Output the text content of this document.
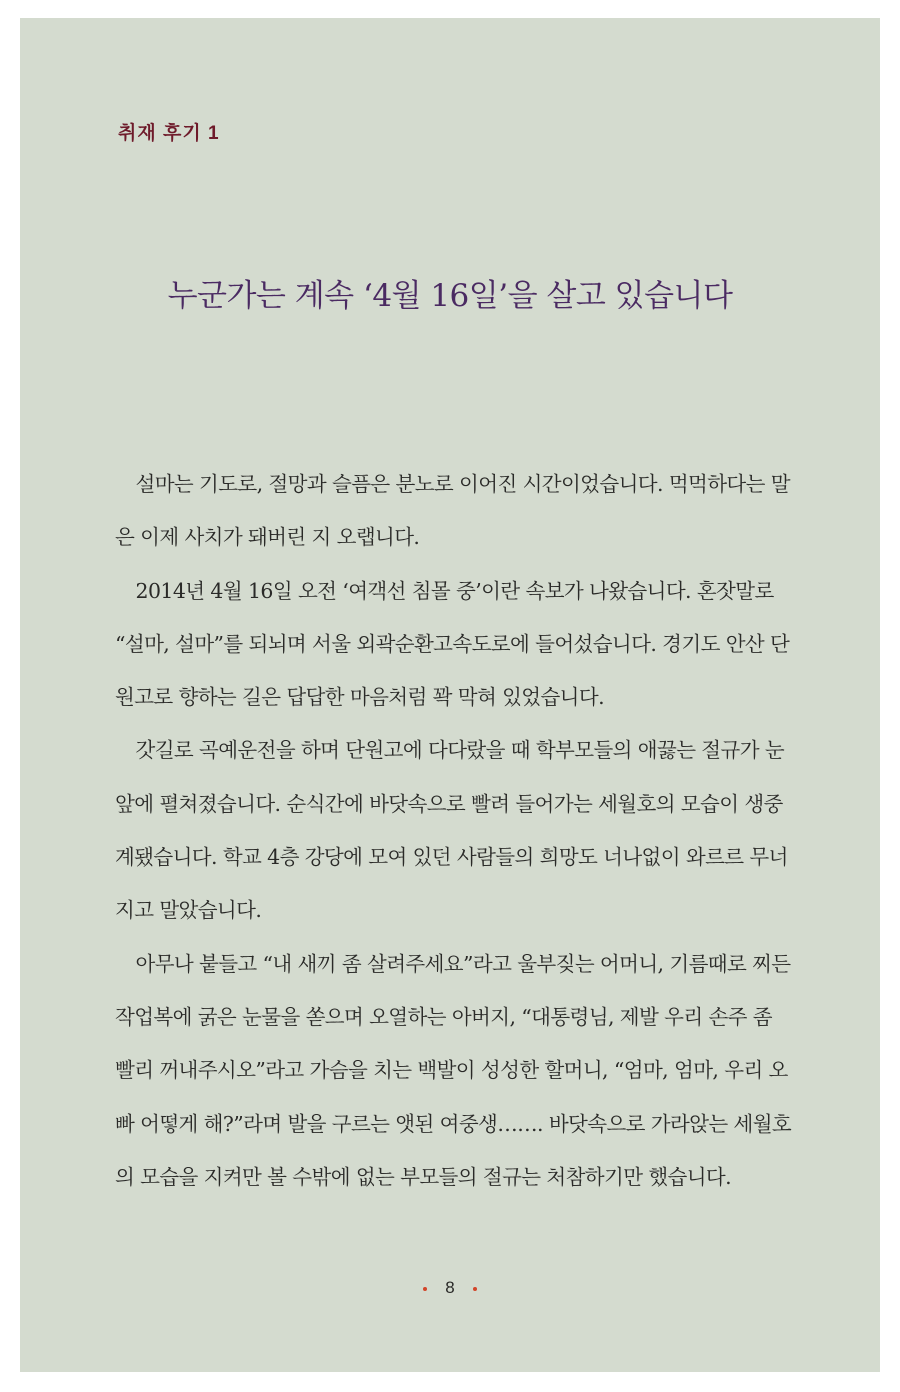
취재 후기 1
누군가는 계속 ‘4월 16일’을 살고 있습니다

설마는 기도로, 절망과 슬픔은 분노로 이어진 시간이었습니다. 먹먹하다는 말은 이제 사치가 돼버린 지 오랩니다.

2014년 4월 16일 오전 ‘여객선 침몰 중’이란 속보가 나왔습니다. 혼잣말로 “설마, 설마”를 되뇌며 서울 외곽순환고속도로에 들어섰습니다. 경기도 안산 단원고로 향하는 길은 답답한 마음처럼 꽉 막혀 있었습니다.

갓길로 곡예운전을 하며 단원고에 다다랐을 때 학부모들의 애끓는 절규가 눈앞에 펼쳐졌습니다. 순식간에 바닷속으로 빨려 들어가는 세월호의 모습이 생중계됐습니다. 학교 4층 강당에 모여 있던 사람들의 희망도 너나없이 와르르 무너지고 말았습니다.

아무나 붙들고 “내 새끼 좀 살려주세요”라고 울부짖는 어머니, 기름때로 찌든 작업복에 굵은 눈물을 쏟으며 오열하는 아버지, “대통령님, 제발 우리 손주 좀 빨리 꺼내주시오”라고 가슴을 치는 백발이 성성한 할머니, “엄마, 엄마, 우리 오빠 어떻게 해?”라며 발을 구르는 앳된 여중생……. 바닷속으로 가라앉는 세월호의 모습을 지켜만 볼 수밖에 없는 부모들의 절규는 처참하기만 했습니다.

8
